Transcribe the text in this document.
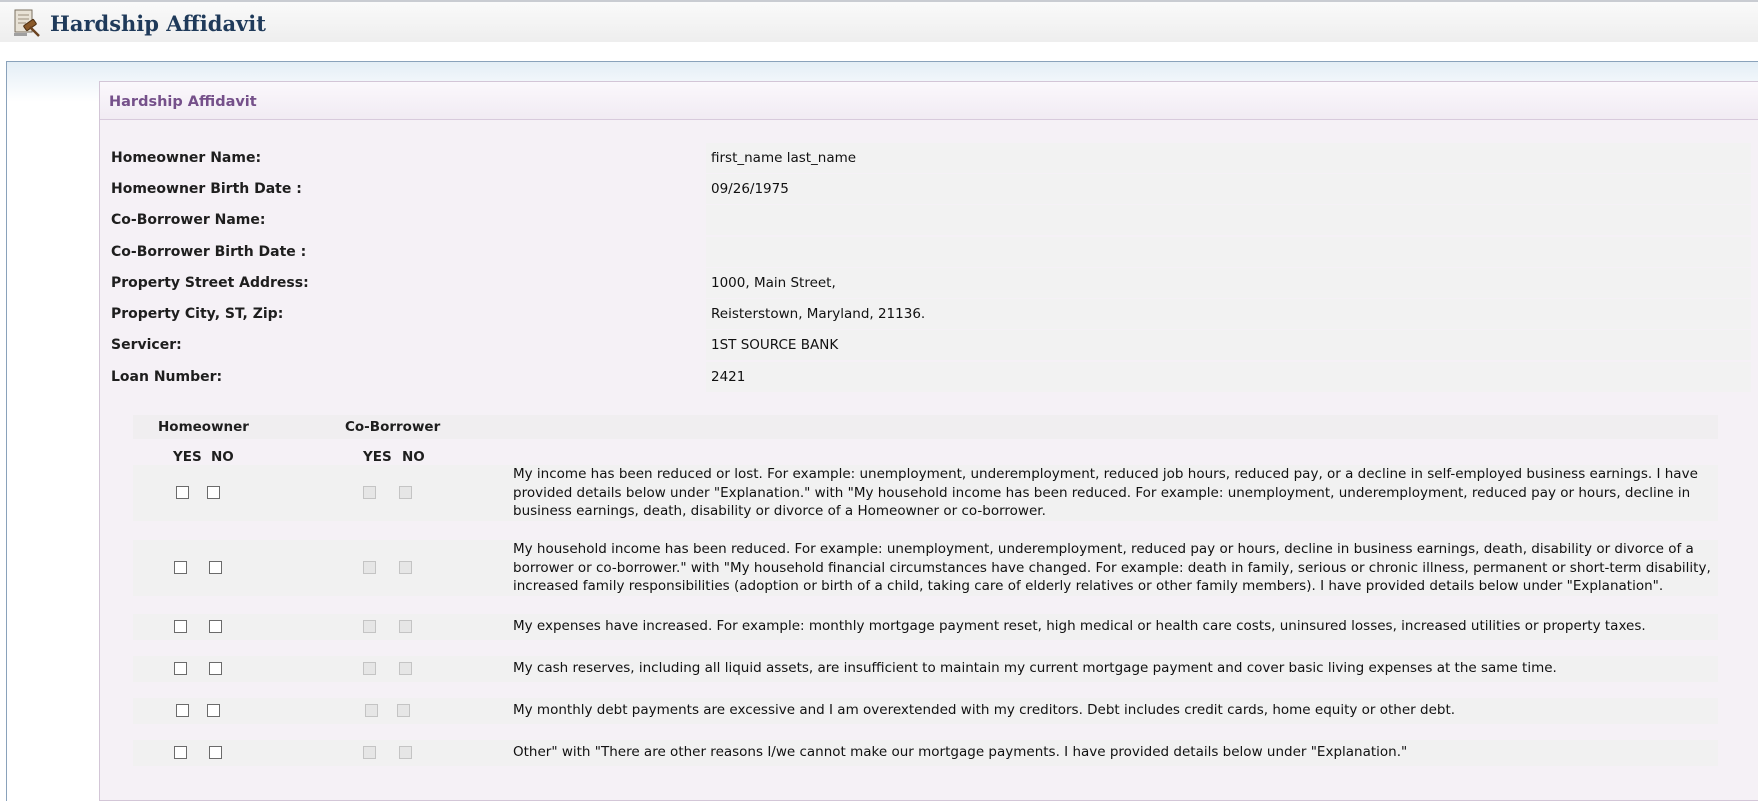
Hardship Affidavit
Hardship Affidavit
Homeowner Name:	first_name last_name
Homeowner Birth Date :	09/26/1975
Co-Borrower Name:
Co-Borrower Birth Date :
Property Street Address:	1000, Main Street,
Property City, ST, Zip:	Reisterstown, Maryland, 21136.
Servicer:	1ST SOURCE BANK
Loan Number:	2421
Homeowner	Co-Borrower
YES NO	YES NO
My income has been reduced or lost. For example: unemployment, underemployment, reduced job hours, reduced pay, or a decline in self-employed business earnings. I have provided details below under "Explanation." with "My household income has been reduced. For example: unemployment, underemployment, reduced pay or hours, decline in business earnings, death, disability or divorce of a Homeowner or co-borrower.
My household income has been reduced. For example: unemployment, underemployment, reduced pay or hours, decline in business earnings, death, disability or divorce of a borrower or co-borrower." with "My household financial circumstances have changed. For example: death in family, serious or chronic illness, permanent or short-term disability, increased family responsibilities (adoption or birth of a child, taking care of elderly relatives or other family members). I have provided details below under "Explanation".
My expenses have increased. For example: monthly mortgage payment reset, high medical or health care costs, uninsured losses, increased utilities or property taxes.
My cash reserves, including all liquid assets, are insufficient to maintain my current mortgage payment and cover basic living expenses at the same time.
My monthly debt payments are excessive and I am overextended with my creditors. Debt includes credit cards, home equity or other debt.
Other" with "There are other reasons I/we cannot make our mortgage payments. I have provided details below under "Explanation."
